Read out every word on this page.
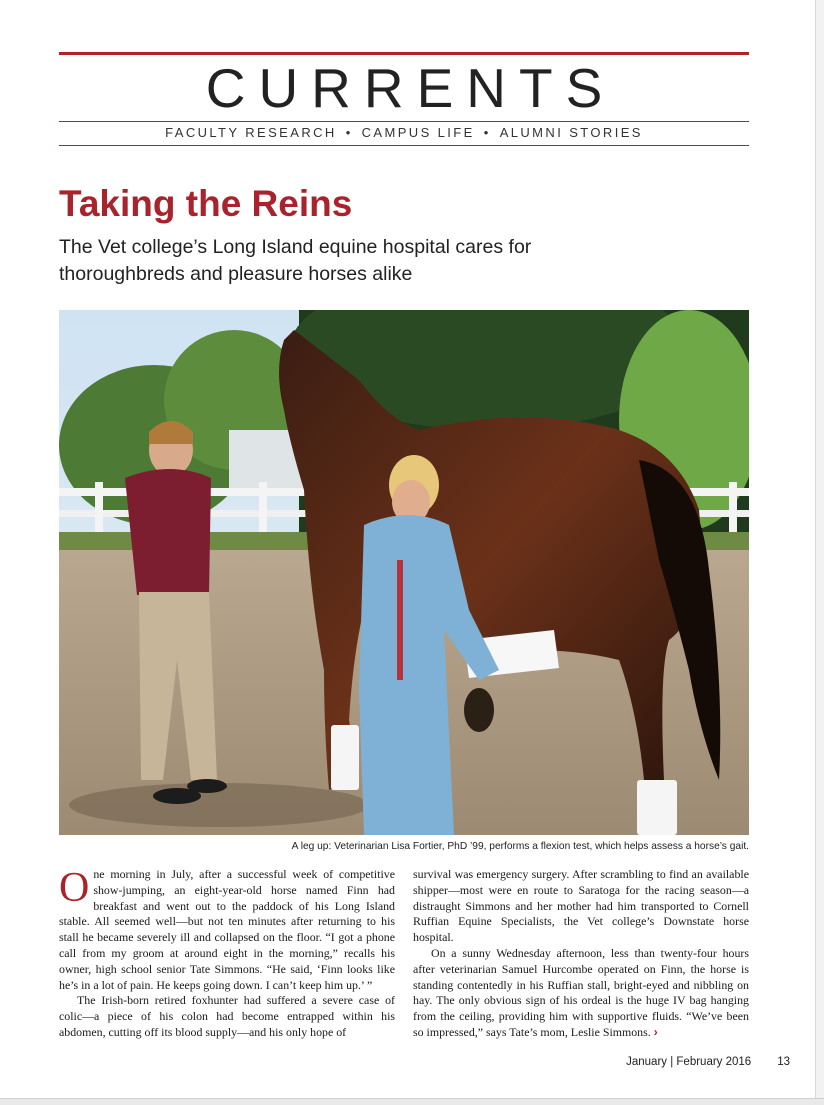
CURRENTS
FACULTY RESEARCH • CAMPUS LIFE • ALUMNI STORIES
Taking the Reins

The Vet college’s Long Island equine hospital cares for thoroughbreds and pleasure horses alike

A leg up: Veterinarian Lisa Fortier, PhD ’99, performs a flexion test, which helps assess a horse’s gait.

One morning in July, after a successful week of competitive show-jumping, an eight-year-old horse named Finn had breakfast and went out to the paddock of his Long Island stable. All seemed well—but not ten minutes after returning to his stall he became severely ill and collapsed on the floor. “I got a phone call from my groom at around eight in the morning,” recalls his owner, high school senior Tate Simmons. “He said, ‘Finn looks like he’s in a lot of pain. He keeps going down. I can’t keep him up.’ ”

The Irish-born retired foxhunter had suffered a severe case of colic—a piece of his colon had become entrapped within his abdomen, cutting off its blood supply—and his only hope of

survival was emergency surgery. After scrambling to find an available shipper—most were en route to Saratoga for the racing season—a distraught Simmons and her mother had him transported to Cornell Ruffian Equine Specialists, the Vet college’s Downstate horse hospital.

On a sunny Wednesday afternoon, less than twenty-four hours after veterinarian Samuel Hurcombe operated on Finn, the horse is standing contentedly in his Ruffian stall, bright-eyed and nibbling on hay. The only obvious sign of his ordeal is the huge IV bag hanging from the ceiling, providing him with supportive fluids. “We’ve been so impressed,” says Tate’s mom, Leslie Simmons. ›

January | February 2016 13
